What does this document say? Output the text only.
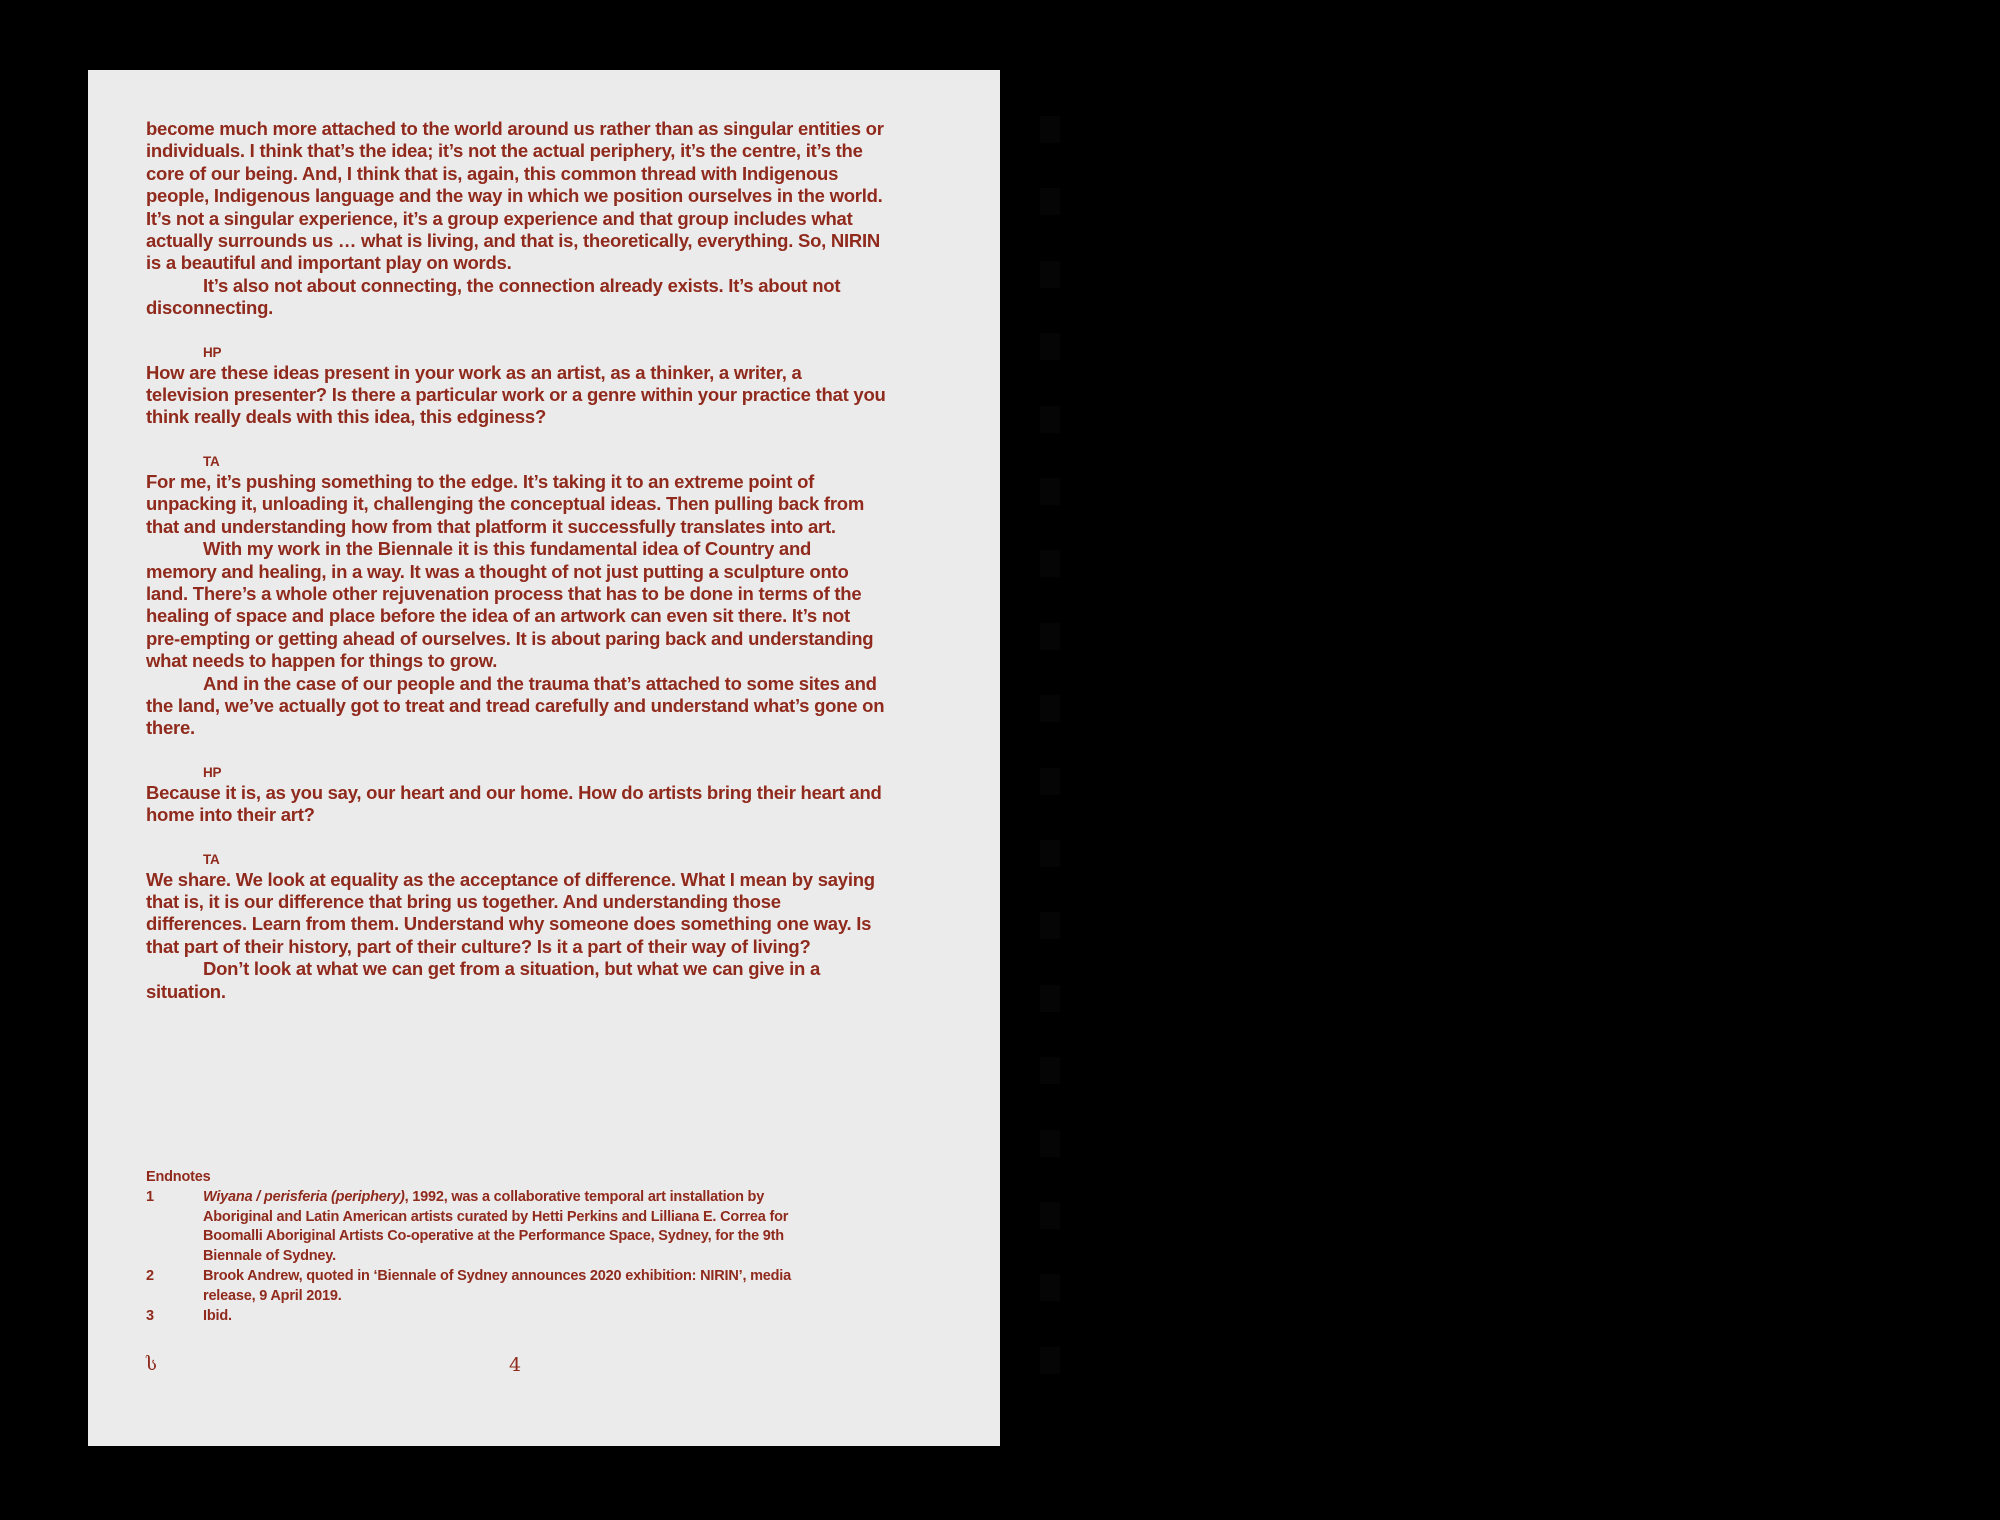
become much more attached to the world around us rather than as singular entities or individuals. I think that’s the idea; it’s not the actual periphery, it’s the centre, it’s the core of our being. And, I think that is, again, this common thread with Indigenous people, Indigenous language and the way in which we position ourselves in the world. It’s not a singular experience, it’s a group experience and that group includes what actually surrounds us … what is living, and that is, theoretically, everything. So, NIRIN is a beautiful and important play on words.

It’s also not about connecting, the connection already exists. It’s about not disconnecting.

HP

How are these ideas present in your work as an artist, as a thinker, a writer, a television presenter? Is there a particular work or a genre within your practice that you think really deals with this idea, this edginess?

TA

For me, it’s pushing something to the edge. It’s taking it to an extreme point of unpacking it, unloading it, challenging the conceptual ideas. Then pulling back from that and understanding how from that platform it successfully translates into art.

With my work in the Biennale it is this fundamental idea of Country and memory and healing, in a way. It was a thought of not just putting a sculpture onto land. There’s a whole other rejuvenation process that has to be done in terms of the healing of space and place before the idea of an artwork can even sit there. It’s not pre-empting or getting ahead of ourselves. It is about paring back and understanding what needs to happen for things to grow.

And in the case of our people and the trauma that’s attached to some sites and the land, we’ve actually got to treat and tread carefully and understand what’s gone on there.

HP

Because it is, as you say, our heart and our home. How do artists bring their heart and home into their art?

TA

We share. We look at equality as the acceptance of difference. What I mean by saying that is, it is our difference that bring us together. And understanding those differences. Learn from them. Understand why someone does something one way. Is that part of their history, part of their culture? Is it a part of their way of living?

Don’t look at what we can get from a situation, but what we can give in a situation.

Endnotes

1	Wiyana / perisferia (periphery), 1992, was a collaborative temporal art installation by Aboriginal and Latin American artists curated by Hetti Perkins and Lilliana E. Correa for Boomalli Aboriginal Artists Co-operative at the Performance Space, Sydney, for the 9th Biennale of Sydney.

2	Brook Andrew, quoted in ‘Biennale of Sydney announces 2020 exhibition: NIRIN’, media release, 9 April 2019.

3	Ibid.

ს	4
